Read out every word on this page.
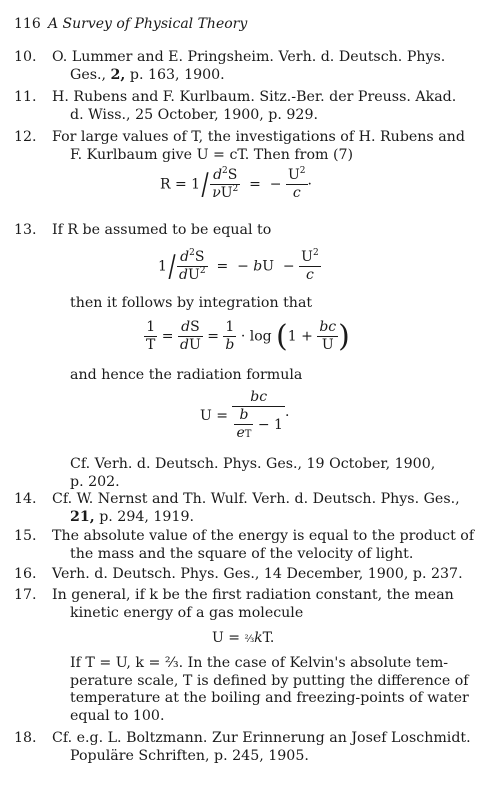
116 A Survey of Physical Theory
10.	O. Lummer and E. Pringsheim. Verh. d. Deutsch. Phys.
Ges., 2, p. 163, 1900.
11.	H. Rubens and F. Kurlbaum. Sitz.-Ber. der Preuss. Akad.
d. Wiss., 25 October, 1900, p. 929.
12.	For large values of T, the investigations of H. Rubens and
F. Kurlbaum give U = cT. Then from (7)
$R = 1/ \frac{d^2S}{\nu U^2}$ =  − $\frac{U^2}{c}$ ·
13.	If R be assumed to be equal to
$1/ \frac{d^2S}{dU^2}$ =  − bU  − $\frac{U^2}{c}$
then it follows by integration that
$\frac{1}{T} = \frac{dS}{dU} = \frac{1}{b} \cdot \log (1 + \frac{bc}{U}$ )
and hence the radiation formula
$U = \frac{bc}{\frac{b}{eT} - 1}$ ·
Cf. Verh. d. Deutsch. Phys. Ges., 19 October, 1900,
p. 202.
14.	Cf. W. Nernst and Th. Wulf. Verh. d. Deutsch. Phys. Ges.,
21, p. 294, 1919.
15.	The absolute value of the energy is equal to the product of
the mass and the square of the velocity of light.
16.	Verh. d. Deutsch. Phys. Ges., 14 December, 1900, p. 237.
17.	In general, if k be the first radiation constant, the mean
kinetic energy of a gas molecule
U = ⅔kT.
If T = U, k = ⅔. In the case of Kelvin's absolute tem-
perature scale, T is defined by putting the difference of
temperature at the boiling and freezing-points of water
equal to 100.
18.	Cf. e.g. L. Boltzmann. Zur Erinnerung an Josef Loschmidt.
Populäre Schriften, p. 245, 1905.
